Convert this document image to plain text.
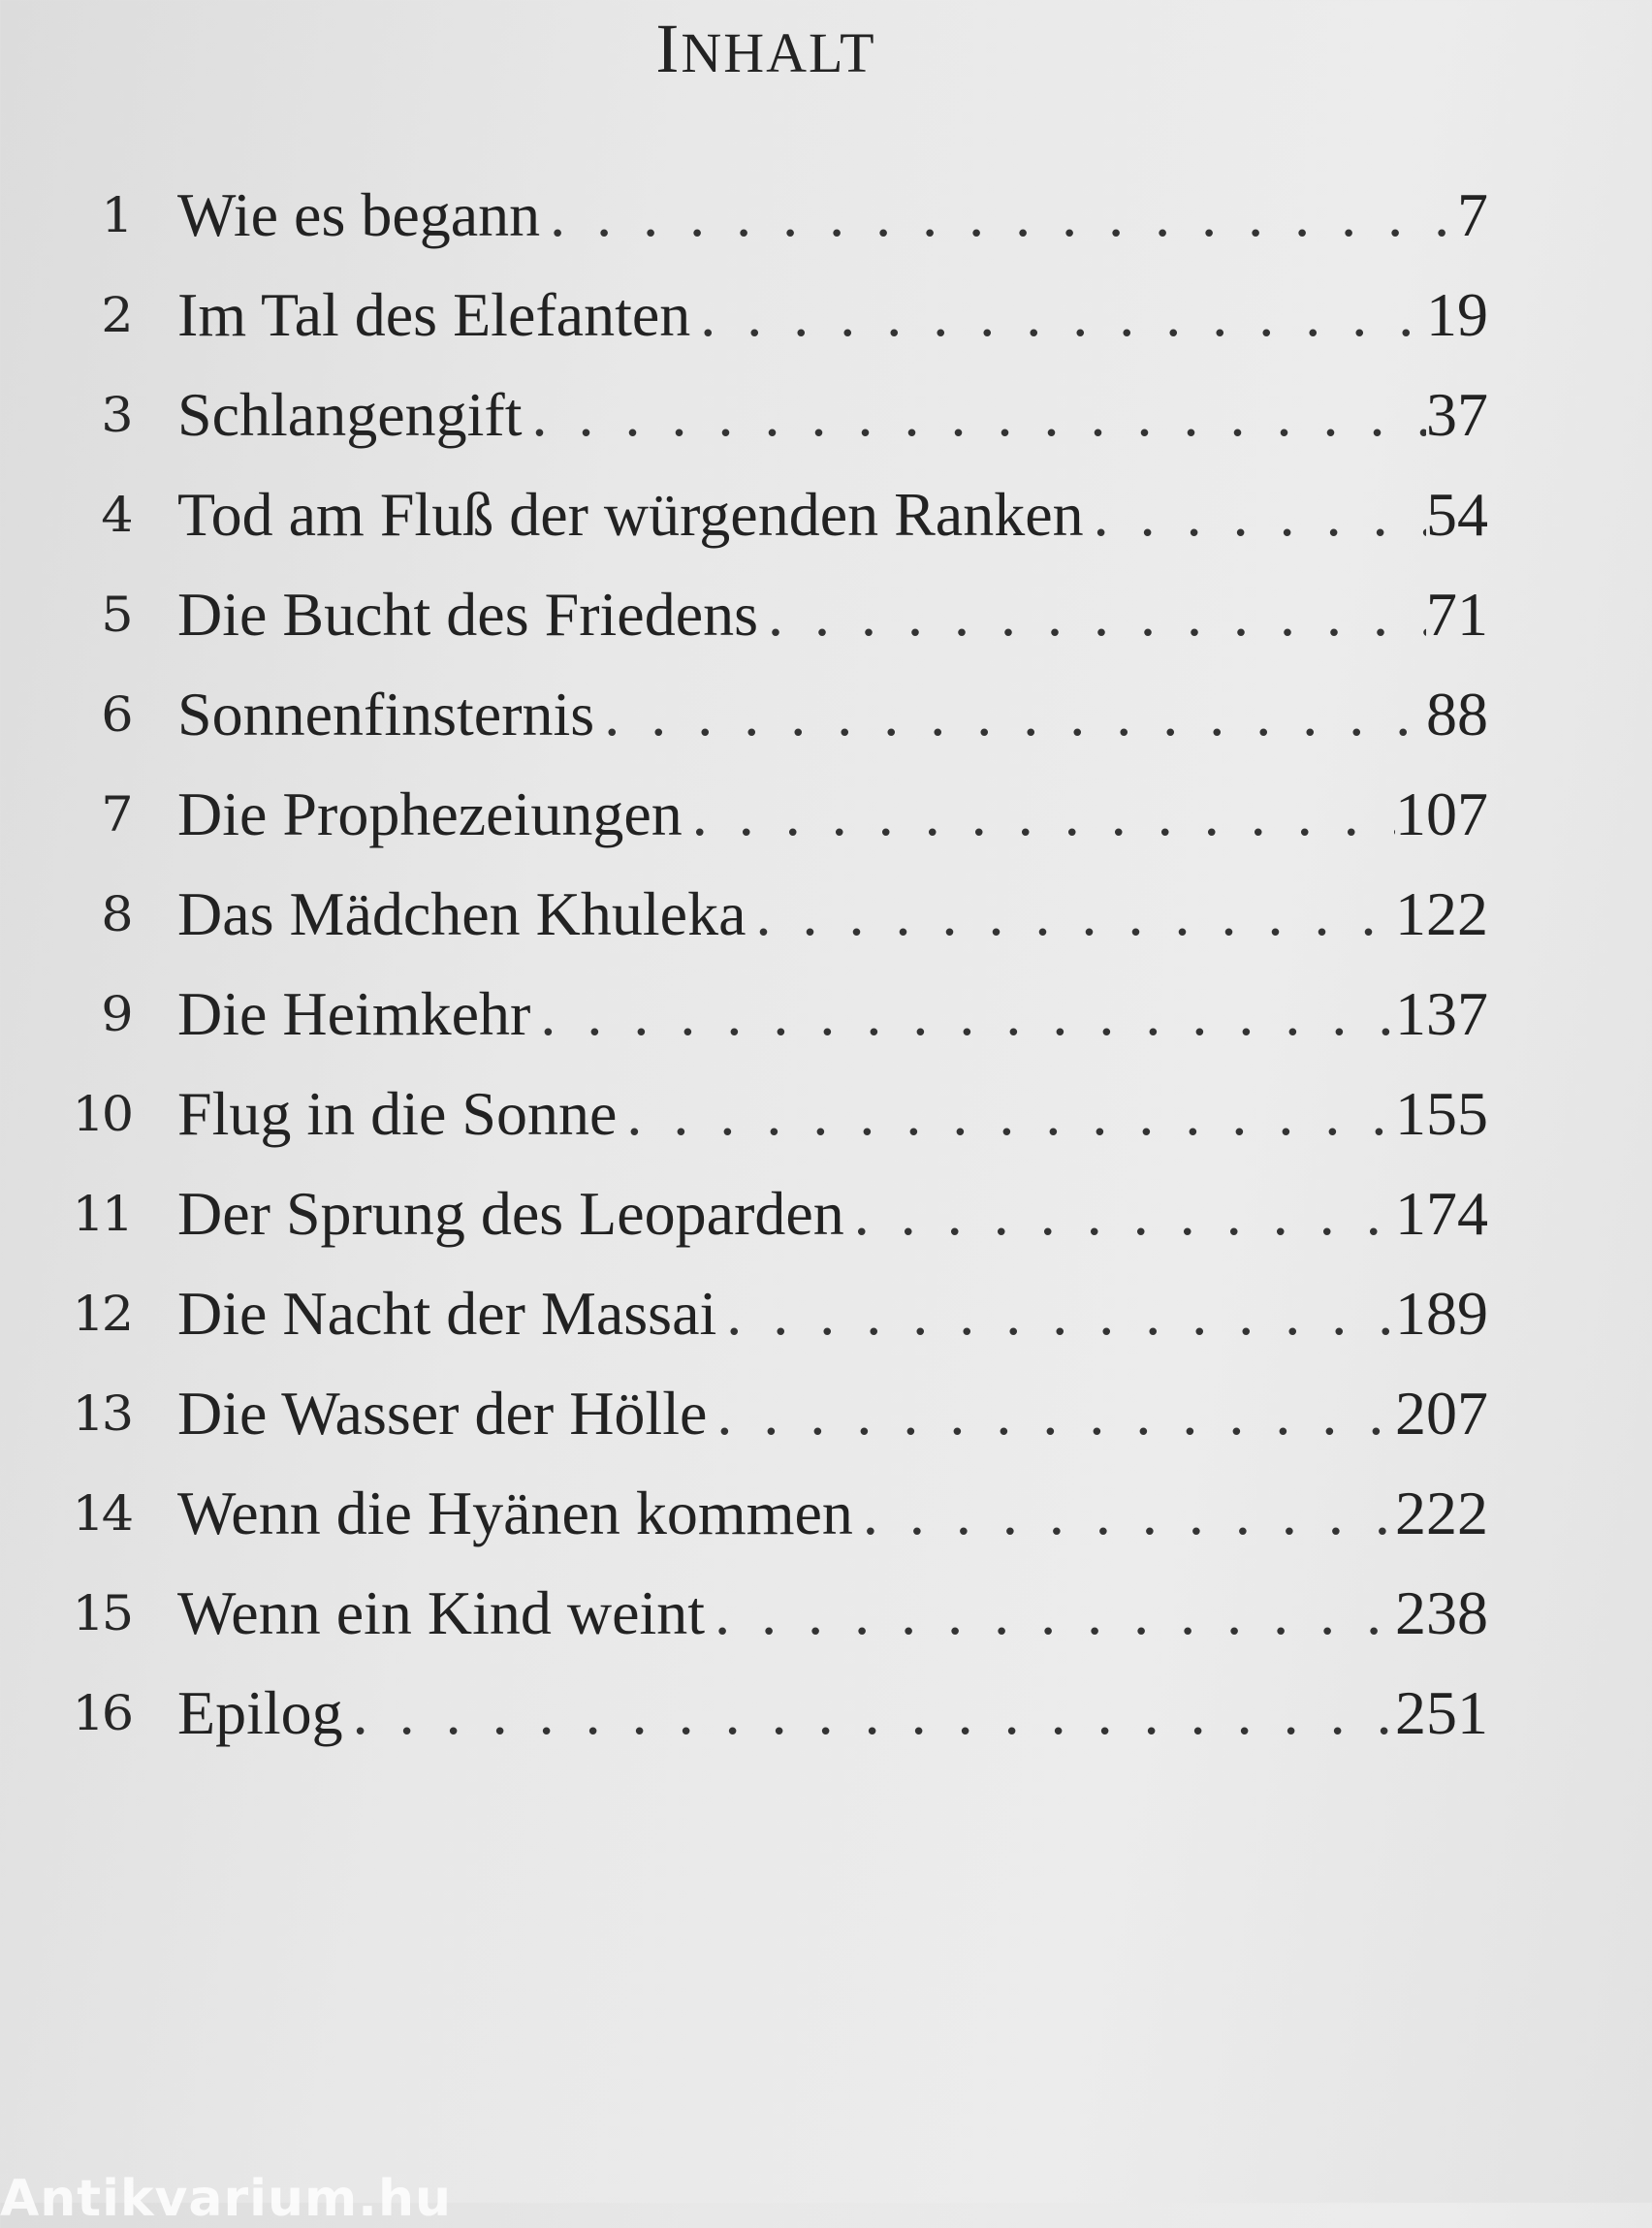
INHALT
1 Wie es begann . . .	7
2 Im Tal des Elefanten . . .	19
3 Schlangengift . . .	37
4 Tod am Fluß der würgenden Ranken . . .	54
5 Die Bucht des Friedens . . .	71
6 Sonnenfinsternis . . .	88
7 Die Prophezeiungen . . .	107
8 Das Mädchen Khuleka . . .	122
9 Die Heimkehr . . .	137
10 Flug in die Sonne . . .	155
11 Der Sprung des Leoparden . . .	174
12 Die Nacht der Massai . . .	189
13 Die Wasser der Hölle . . .	207
14 Wenn die Hyänen kommen . . .	222
15 Wenn ein Kind weint . . .	238
16 Epilog . . .	251
Antikvarium.hu
